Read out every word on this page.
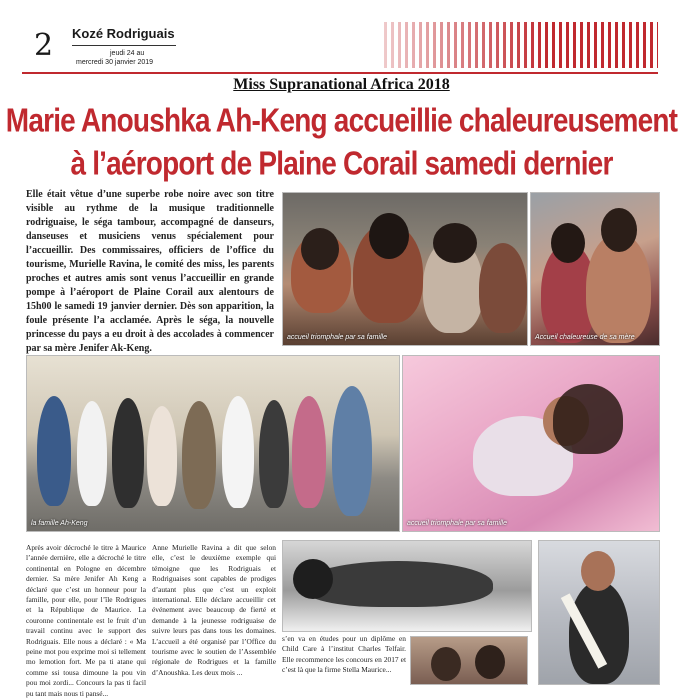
2 Kozé Rodriguais
jeudi 24 au
mercredi 30 janvier 2019
Miss Supranational Africa 2018
Marie Anoushka Ah-Keng accueillie chaleureusement
à l’aéroport de Plaine Corail samedi dernier
Elle était vêtue d’une superbe robe noire avec son titre visible au rythme de la musique traditionnelle rodriguaise, le séga tambour, accompagné de danseurs, danseuses et musiciens venus spécialement pour l’accueillir. Des commissaires, officiers de l’office du tourisme, Murielle Ravina, le comité des miss, les parents proches et autres amis sont venus l’accueillir en grande pompe à l’aéroport de Plaine Corail aux alentours de 15h00 le samedi 19 janvier dernier. Dès son apparition, la foule présente l’a acclamée. Après le séga, la nouvelle princesse du pays a eu droit à des accolades à commencer par sa mère Jenifer Ak-Keng.
accueil triomphale par sa famille	Accueil chaleureuse de sa mère
la famille Ah-Keng	accueil triomphale par sa famille
Après avoir décroché le titre à Maurice l’année dernière, elle a décroché le titre continental en Pologne en décembre dernier. Sa mère Jenifer Ah Keng a déclaré que c’est un honneur pour la famille, pour elle, pour l’île Rodrigues et la République de Maurice. La couronne continentale est le fruit d’un travail continu avec le support des Rodriguais. Elle nous a déclaré : « Ma peine mot pou exprime moi si tellement mo lemotion fort. Me pa ti atane qui comme ssi tousa dimoune la pou vin pou moi zordi... Concours la pas ti facil pu tant mais nous ti pansé...
Anne Murielle Ravina a dit que selon elle, c’est le deuxième exemple qui témoigne que les Rodriguais et Rodriguaises sont capables de prodiges d’autant plus que c’est un exploit international. Elle déclare accueillir cet événement avec beaucoup de fierté et demande à la jeunesse rodriguaise de suivre leurs pas dans tous les domaines. L’accueil a été organisé par l’Office du tourisme avec le soutien de l’Assemblée régionale de Rodrigues et la famille d’Anoushka. Les deux mois ...
s’en va en études pour un diplôme en Child Care à l’institut Charles Telfair. Elle recommence les concours en 2017 et c’est là que la firme Stella Maurice...
